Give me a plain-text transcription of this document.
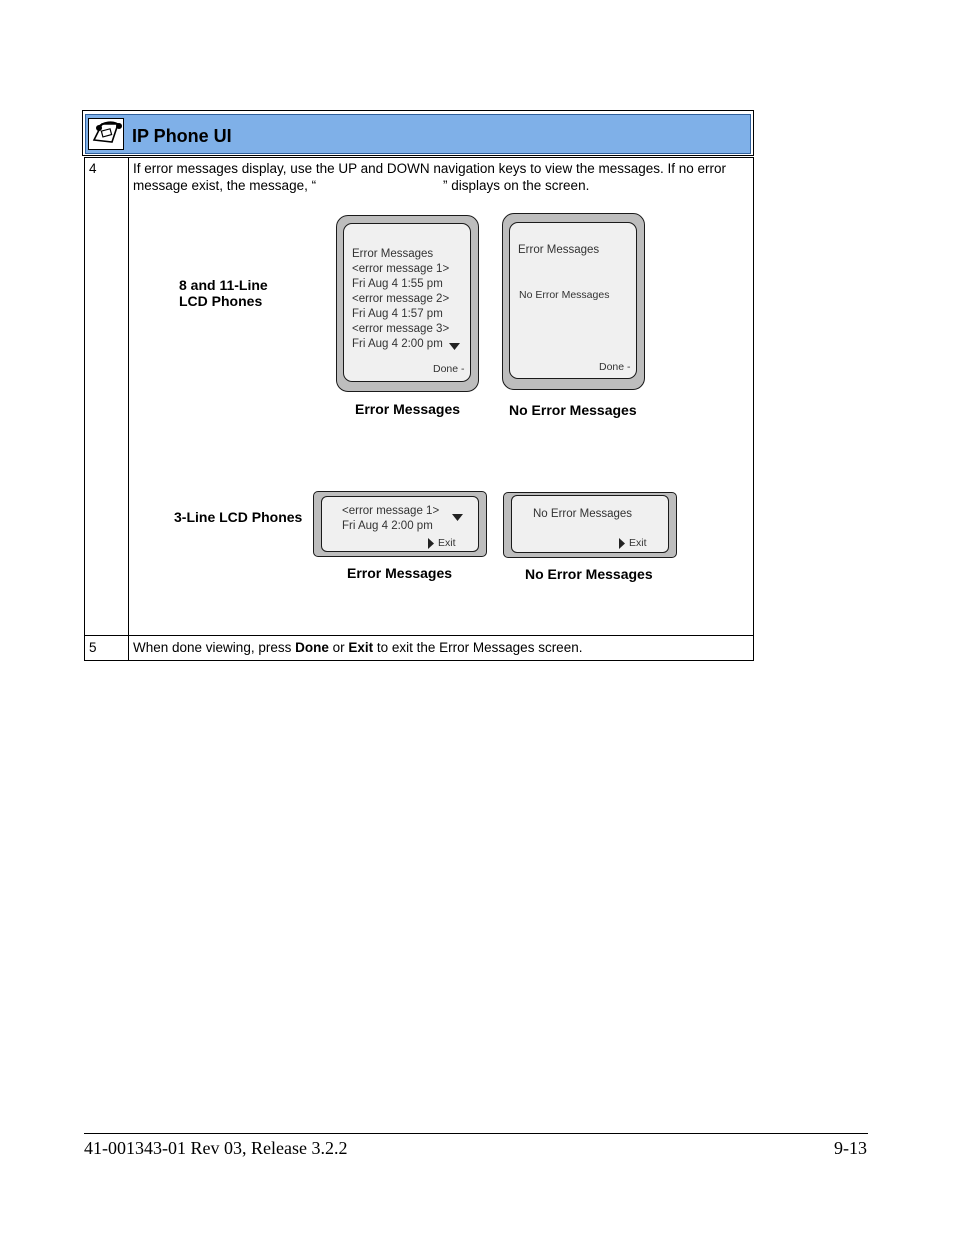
IP Phone UI
4	If error messages display, use the UP and DOWN navigation keys to view the messages. If no error
message exist, the message, “	” displays on the screen.
8 and 11-Line
LCD Phones
3-Line LCD Phones
Error Messages
<error message 1>
Fri Aug 4 1:55 pm
<error message 2>
Fri Aug 4 1:57 pm
<error message 3>
Fri Aug 4 2:00 pm
Done -
Error Messages
No Error Messages
Done -
Error Messages	No Error Messages
<error message 1>
Fri Aug 4 2:00 pm
Exit
No Error Messages
Exit
Error Messages	No Error Messages
5	When done viewing, press Done or Exit to exit the Error Messages screen.
41-001343-01 Rev 03, Release 3.2.2	9-13
